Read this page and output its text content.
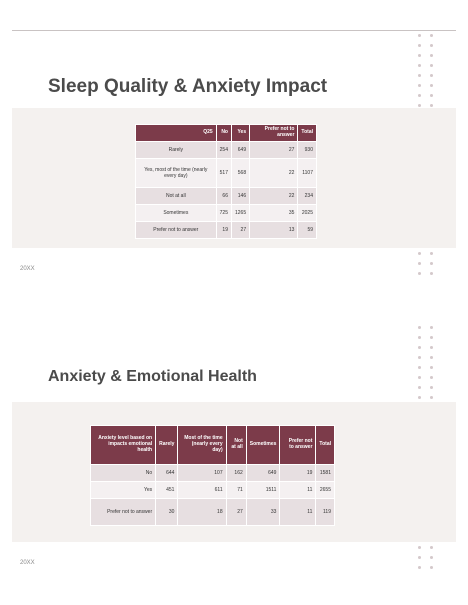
Sleep Quality & Anxiety Impact
Q25	No	Yes	Prefer not to answer	Total
Rarely	254	649	27	930
Yes, most of the time (nearly every day)	517	568	22	1107
Not at all	66	146	22	234
Sometimes	725	1265	35	2025
Prefer not to answer	19	27	13	59
20XX
Anxiety & Emotional Health
Anxiety level based on impacts emotional health	Rarely	Most of the time (nearly every day)	Not at all	Sometimes	Prefer not to answer	Total
No	644	107	162	649	19	1581
Yes	451	611	71	1511	11	2655
Prefer not to answer	30	18	27	33	11	119
20XX
